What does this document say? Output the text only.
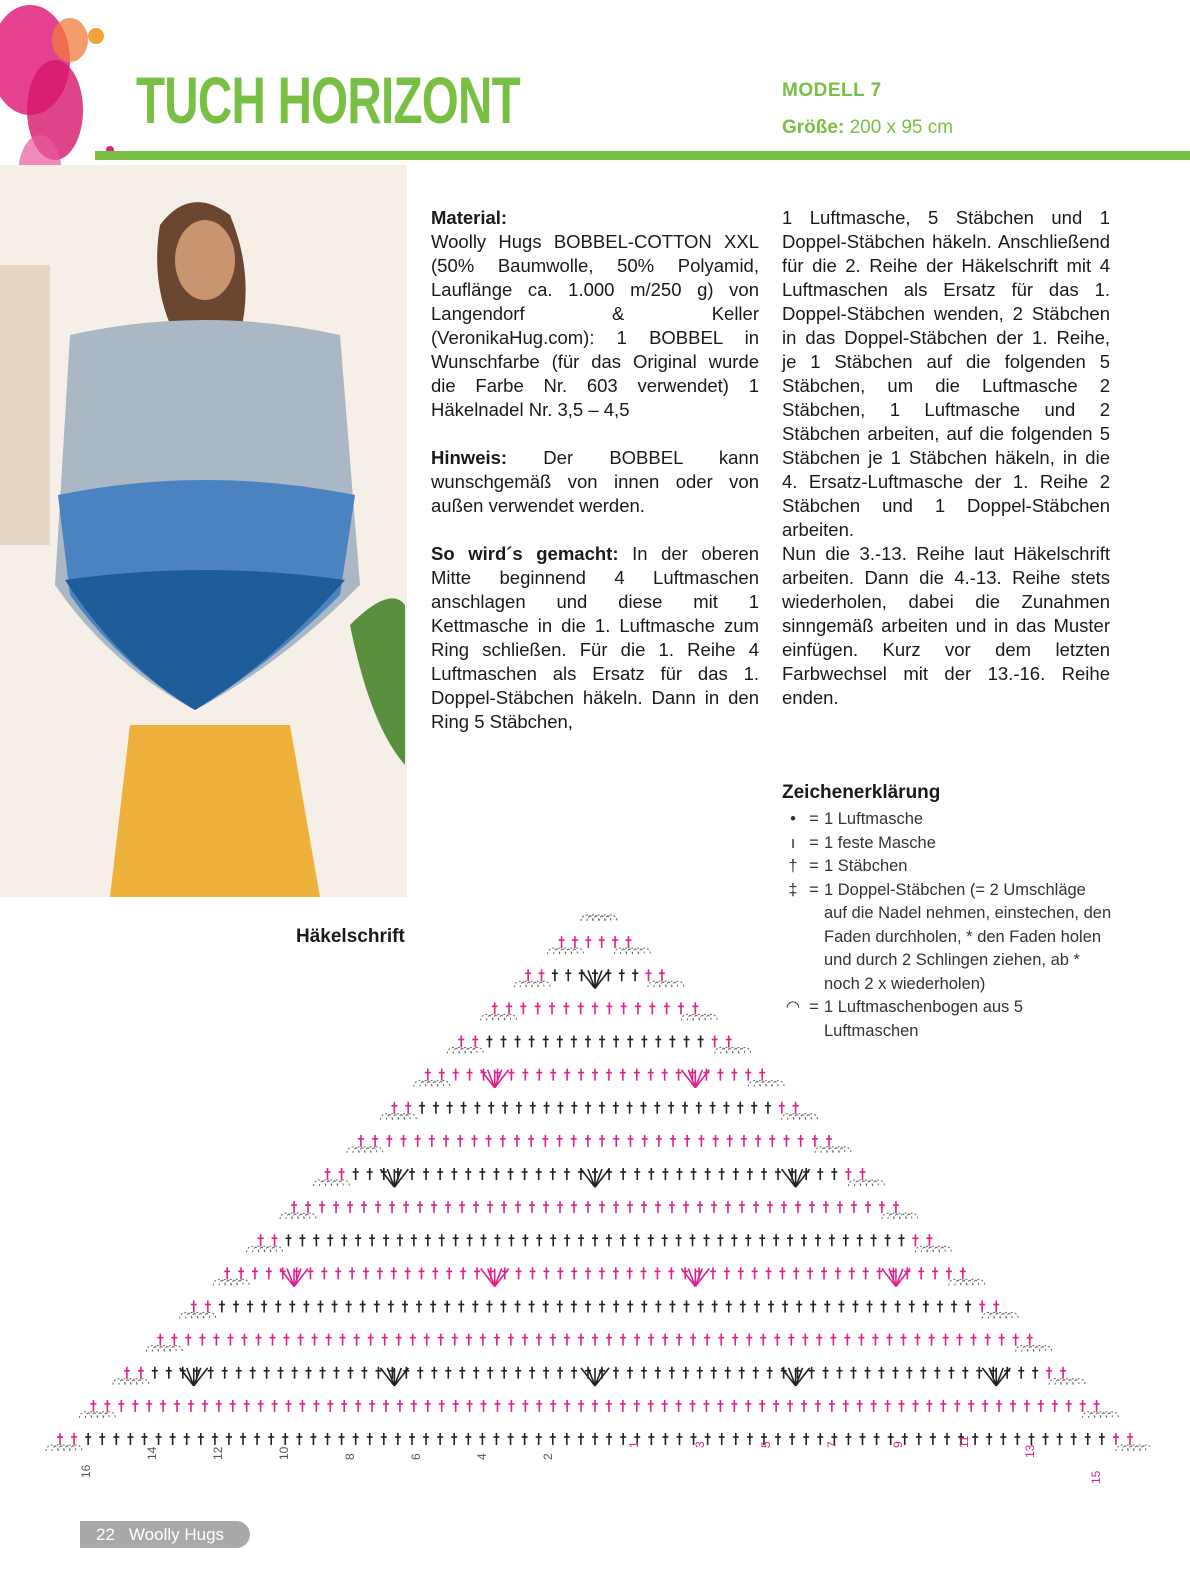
TUCH HORIZONT	MODELL 7
Größe: 200 x 95 cm

Material:
Woolly Hugs BOBBEL-COTTON XXL (50% Baumwolle, 50% Polyamid, Lauflänge ca. 1.000 m/250 g) von Langendorf & Keller (VeronikaHug.com): 1 BOBBEL in Wunschfarbe (für das Original wurde die Farbe Nr. 603 verwendet) 1 Häkelnadel Nr. 3,5 – 4,5

Hinweis: Der BOBBEL kann wunschgemäß von innen oder von außen verwendet werden.

So wird´s gemacht: In der oberen Mitte beginnend 4 Luftmaschen anschlagen und diese mit 1 Kettmasche in die 1. Luftmasche zum Ring schließen. Für die 1. Reihe 4 Luftmaschen als Ersatz für das 1. Doppel-Stäbchen häkeln. Dann in den Ring 5 Stäbchen,

1 Luftmasche, 5 Stäbchen und 1 Doppel-Stäbchen häkeln. Anschließend für die 2. Reihe der Häkelschrift mit 4 Luftmaschen als Ersatz für das 1. Doppel-Stäbchen wenden, 2 Stäbchen in das Doppel-Stäbchen der 1. Reihe, je 1 Stäbchen auf die folgenden 5 Stäbchen, um die Luftmasche 2 Stäbchen, 1 Luftmasche und 2 Stäbchen arbeiten, auf die folgenden 5 Stäbchen je 1 Stäbchen häkeln, in die 4. Ersatz-Luftmasche der 1. Reihe 2 Stäbchen und 1 Doppel-Stäbchen arbeiten.

Nun die 3.-13. Reihe laut Häkelschrift arbeiten. Dann die 4.-13. Reihe stets wiederholen, dabei die Zunahmen sinngemäß arbeiten und in das Muster einfügen. Kurz vor dem letzten Farbwechsel mit der 13.-16. Reihe enden.

Zeichenerklärung
• = 1 Luftmasche
ı = 1 feste Masche
† = 1 Stäbchen
‡ = 1 Doppel-Stäbchen (= 2 Umschläge auf die Nadel nehmen, einstechen, den Faden durchholen, * den Faden holen und durch 2 Schlingen ziehen, ab * noch 2 x wiederholen)
◠ = 1 Luftmaschenbogen aus 5 Luftmaschen
Häkelschrift
16
14	12	10	8	6	4	2
1	3	5	7	9	11
13
15
22 Woolly Hugs
